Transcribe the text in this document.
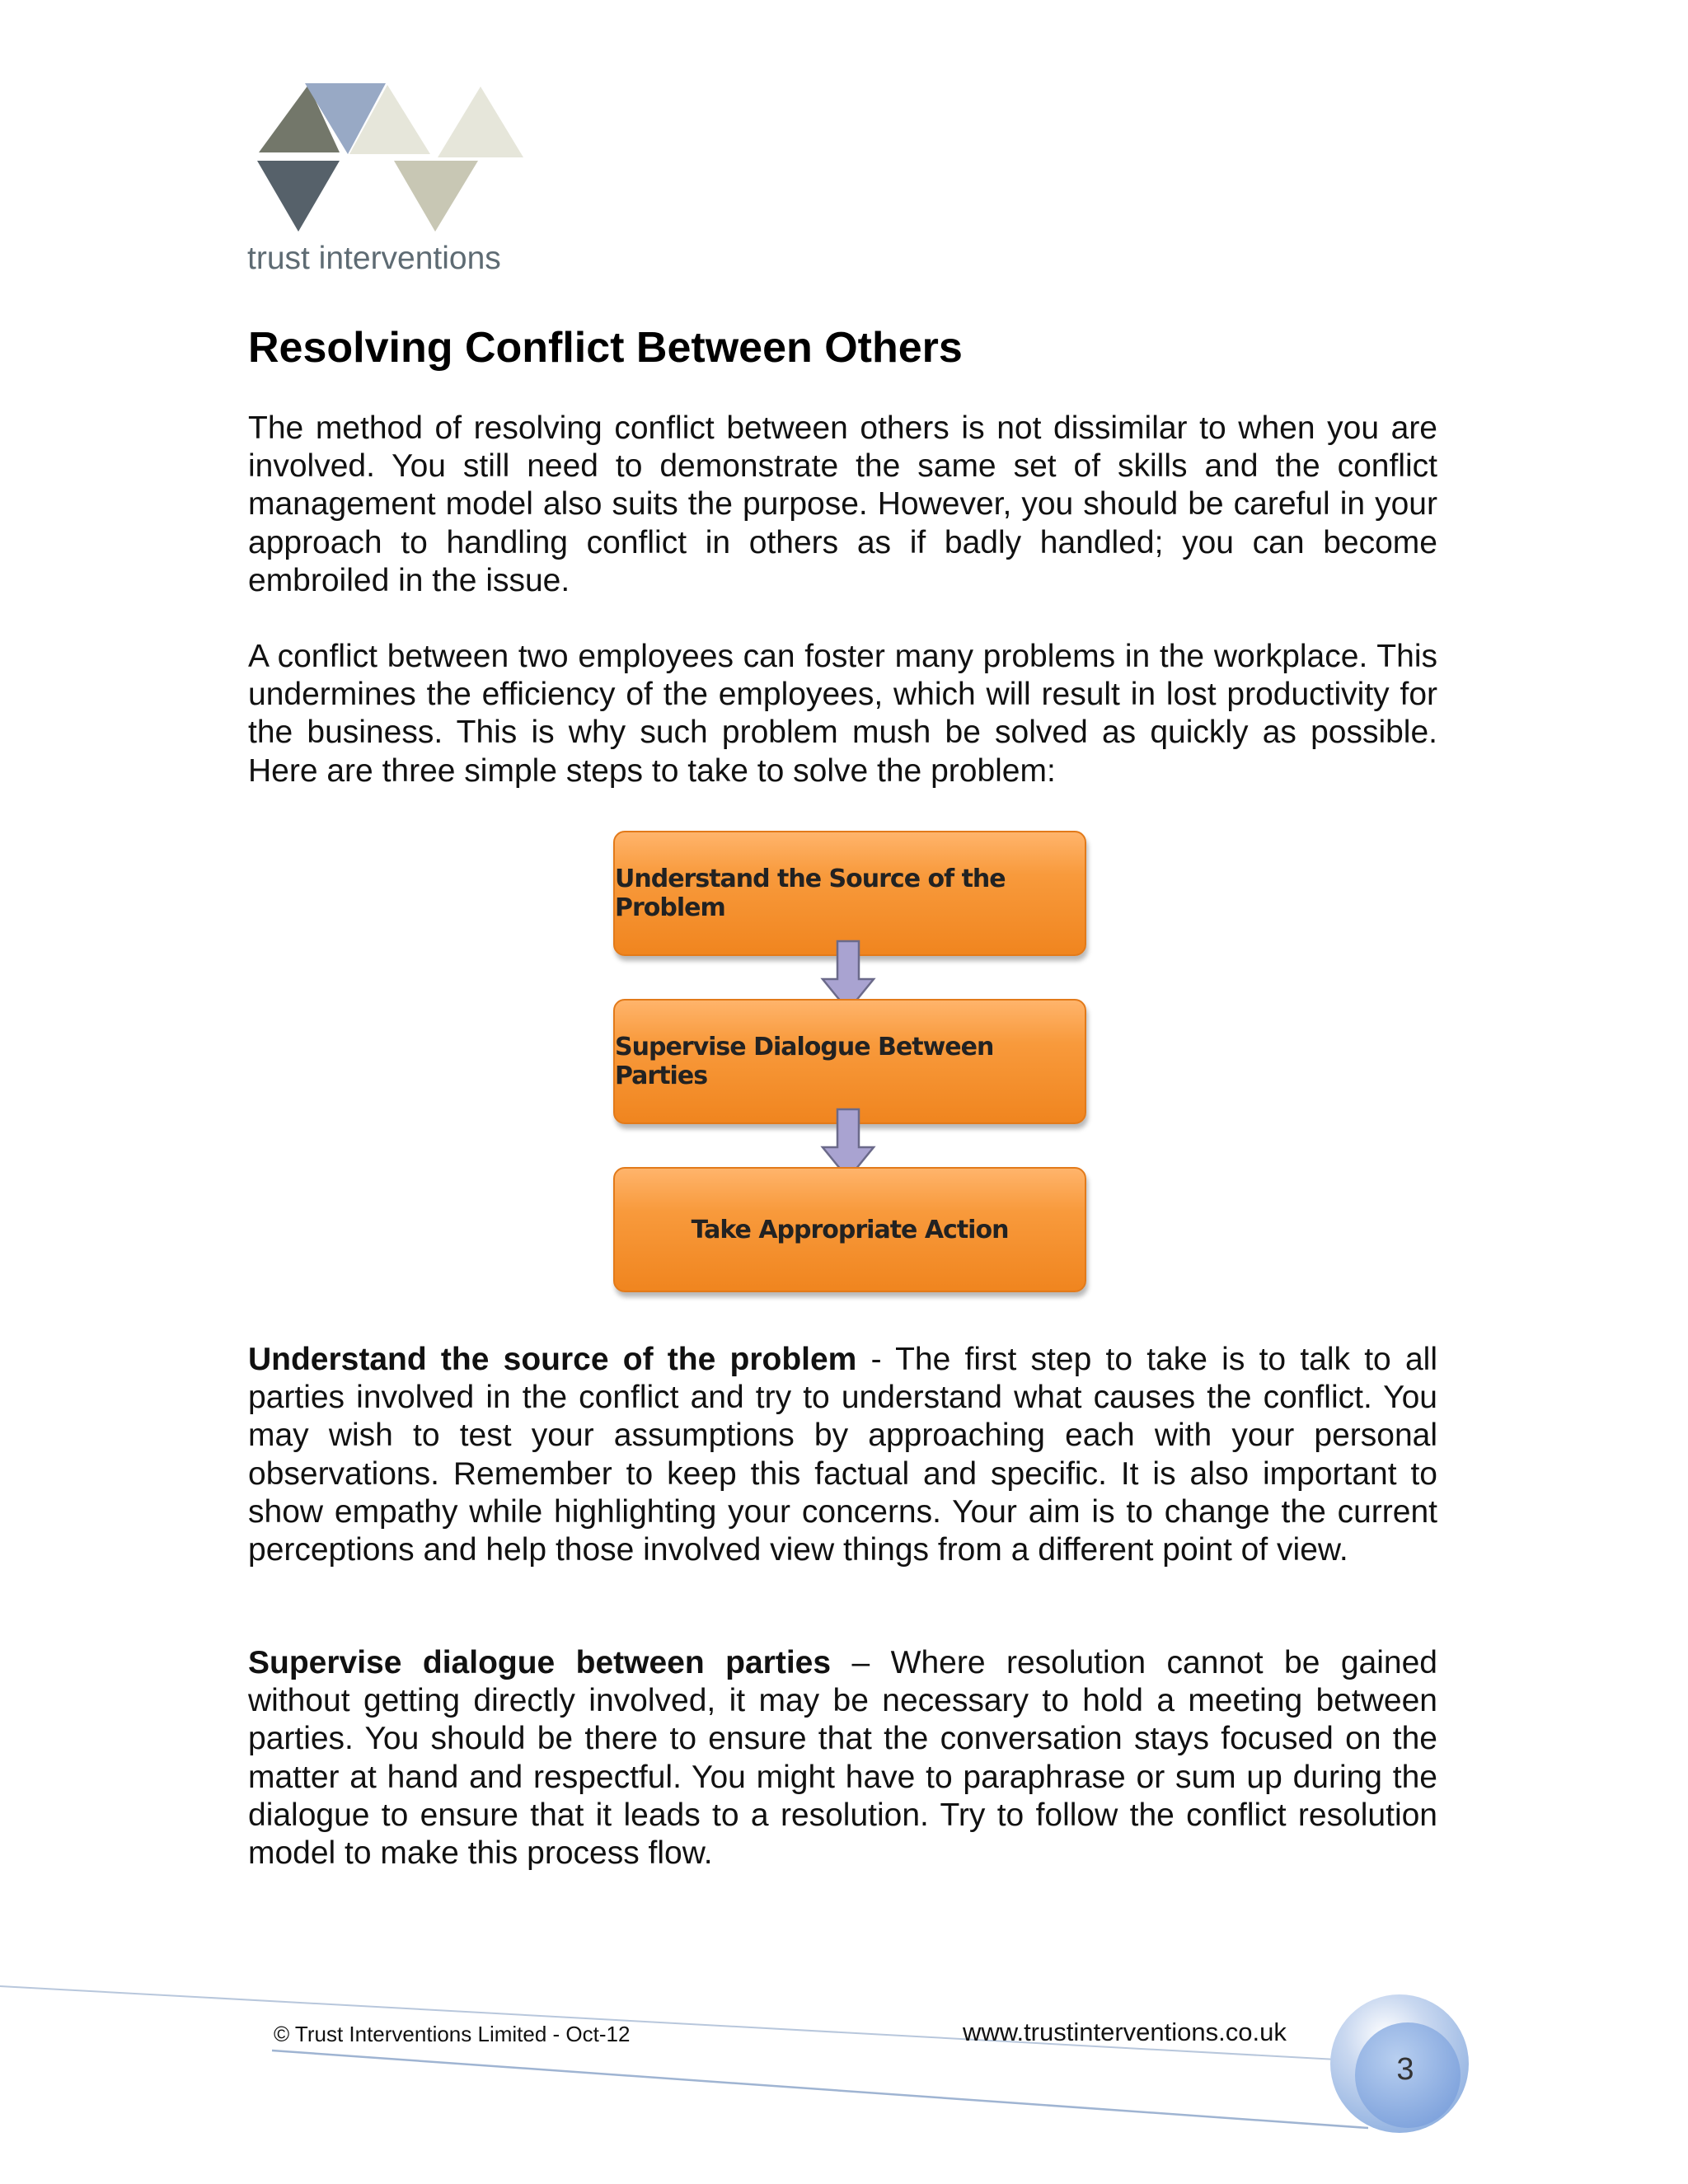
trust interventions
Resolving Conflict Between Others

The method of resolving conflict between others is not dissimilar to when you are involved. You still need to demonstrate the same set of skills and the conflict management model also suits the purpose. However, you should be careful in your approach to handling conflict in others as if badly handled; you can become embroiled in the issue.

A conflict between two employees can foster many problems in the workplace. This undermines the efficiency of the employees, which will result in lost productivity for the business. This is why such problem mush be solved as quickly as possible. Here are three simple steps to take to solve the problem:

Understand the Source of the Problem
Supervise Dialogue Between Parties
Take Appropriate Action

Understand the source of the problem - The first step to take is to talk to all parties involved in the conflict and try to understand what causes the conflict. You may wish to test your assumptions by approaching each with your personal observations. Remember to keep this factual and specific. It is also important to show empathy while highlighting your concerns. Your aim is to change the current perceptions and help those involved view things from a different point of view.

Supervise dialogue between parties – Where resolution cannot be gained without getting directly involved, it may be necessary to hold a meeting between parties. You should be there to ensure that the conversation stays focused on the matter at hand and respectful. You might have to paraphrase or sum up during the dialogue to ensure that it leads to a resolution. Try to follow the conflict resolution model to make this process flow.

© Trust Interventions Limited - Oct-12	www.trustinterventions.co.uk
3
